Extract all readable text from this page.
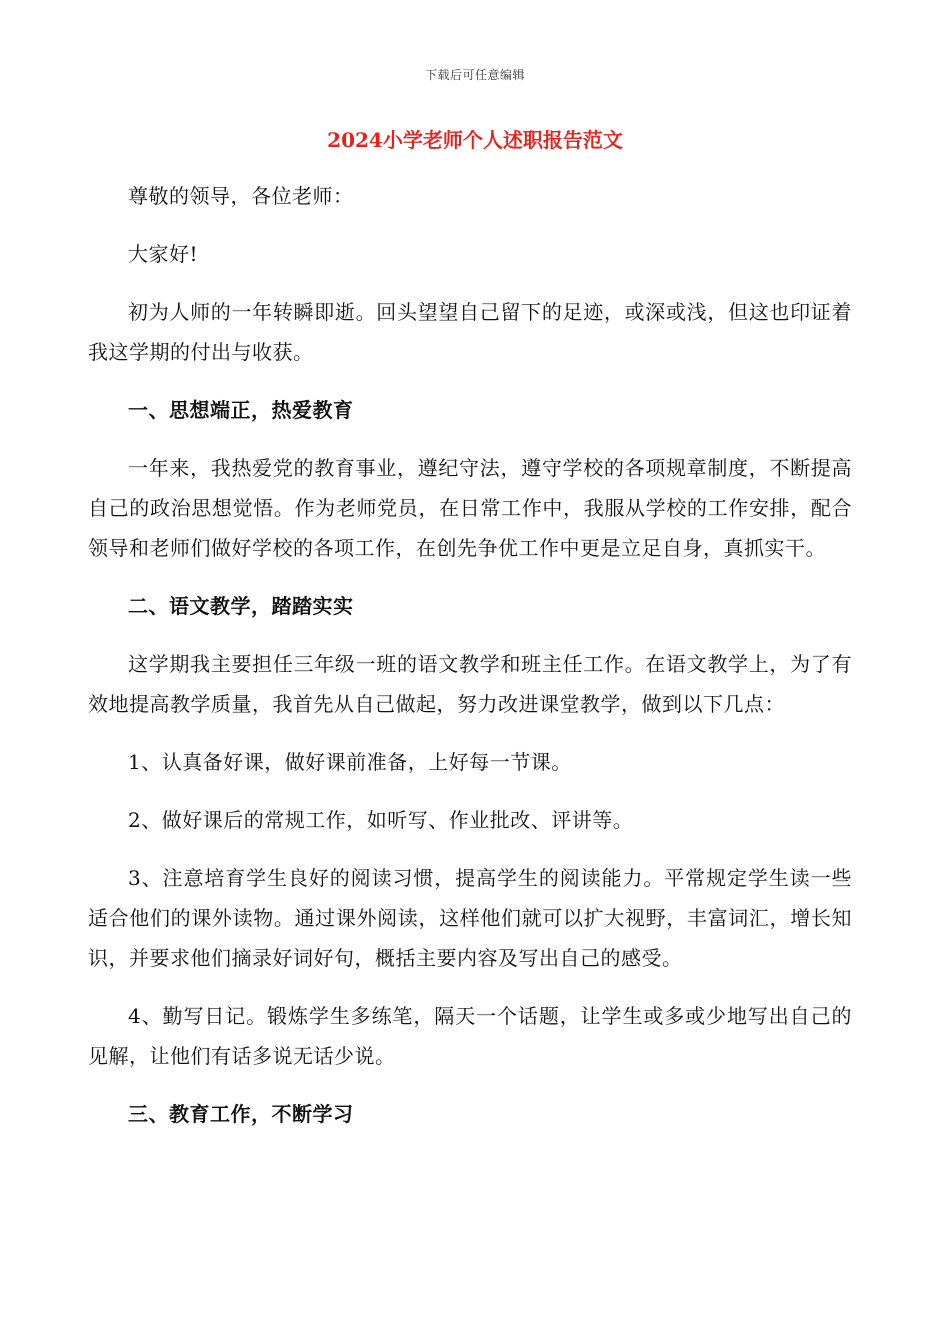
下载后可任意编辑
2024小学老师个人述职报告范文
尊敬的领导，各位老师：
大家好!
初为人师的一年转瞬即逝。回头望望自己留下的足迹，或深或浅，但这也印证着我这学期的付出与收获。
一、思想端正，热爱教育
一年来，我热爱党的教育事业，遵纪守法，遵守学校的各项规章制度，不断提高自己的政治思想觉悟。作为老师党员，在日常工作中，我服从学校的工作安排，配合领导和老师们做好学校的各项工作，在创先争优工作中更是立足自身，真抓实干。
二、语文教学，踏踏实实
这学期我主要担任三年级一班的语文教学和班主任工作。在语文教学上，为了有效地提高教学质量，我首先从自己做起，努力改进课堂教学，做到以下几点：
1、认真备好课，做好课前准备，上好每一节课。
2、做好课后的常规工作，如听写、作业批改、评讲等。
3、注意培育学生良好的阅读习惯，提高学生的阅读能力。平常规定学生读一些适合他们的课外读物。通过课外阅读，这样他们就可以扩大视野，丰富词汇，增长知识，并要求他们摘录好词好句，概括主要内容及写出自己的感受。
4、勤写日记。锻炼学生多练笔，隔天一个话题，让学生或多或少地写出自己的见解，让他们有话多说无话少说。
三、教育工作，不断学习
